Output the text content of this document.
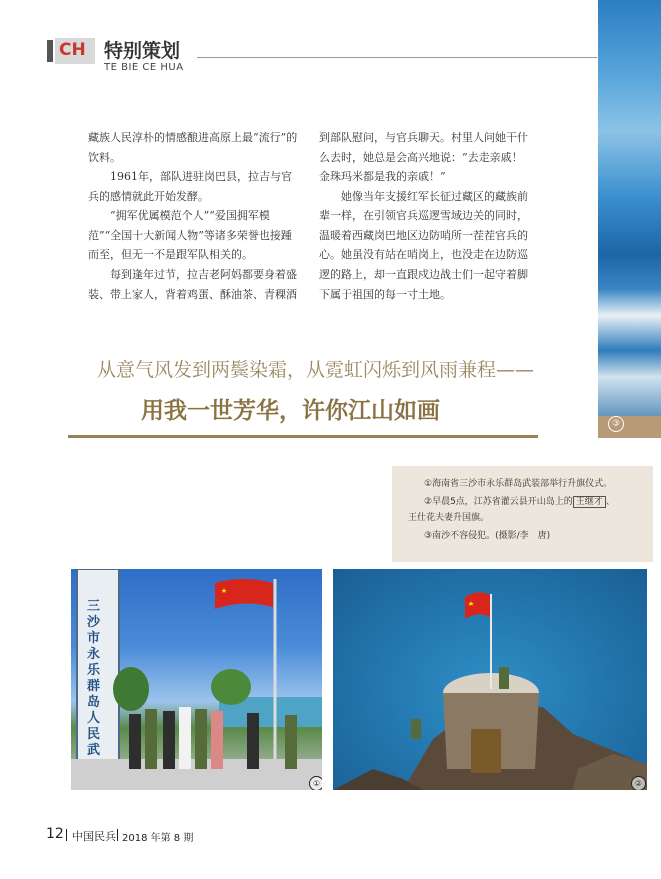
CH 特别策划
TE BIE CE HUA
③

藏族人民淳朴的情感酿进高原上最“流行”的饮料。

1961年，部队进驻岗巴县，拉吉与官兵的感情就此开始发酵。

“拥军优属模范个人”“爱国拥军模范”“全国十大新闻人物”等诸多荣誉也接踵而至，但无一不是跟军队相关的。

每到逢年过节，拉吉老阿妈都要身着盛装、带上家人，背着鸡蛋、酥油茶、青稞酒

到部队慰问，与官兵聊天。村里人问她干什么去时，她总是会高兴地说：“去走亲戚！金珠玛米都是我的亲戚！”

她像当年支援红军长征过藏区的藏族前辈一样，在引领官兵巡逻雪域边关的同时，温暖着西藏岗巴地区边防哨所一茬茬官兵的心。她虽没有站在哨岗上，也没走在边防巡逻的路上，却一直跟戍边战士们一起守着脚下属于祖国的每一寸土地。

从意气风发到两鬓染霜，从霓虹闪烁到风雨兼程——
用我一世芳华，许你江山如画
①海南省三沙市永乐群岛武装部举行升旗仪式。
②早晨5点，江苏省灌云县开山岛上的 王继才 、
王仕花夫妻升国旗。
③南沙不容侵犯。(摄影/李　唐)
①
三沙市永乐群岛人民武
②
12 中国民兵 2018 年第 8 期
